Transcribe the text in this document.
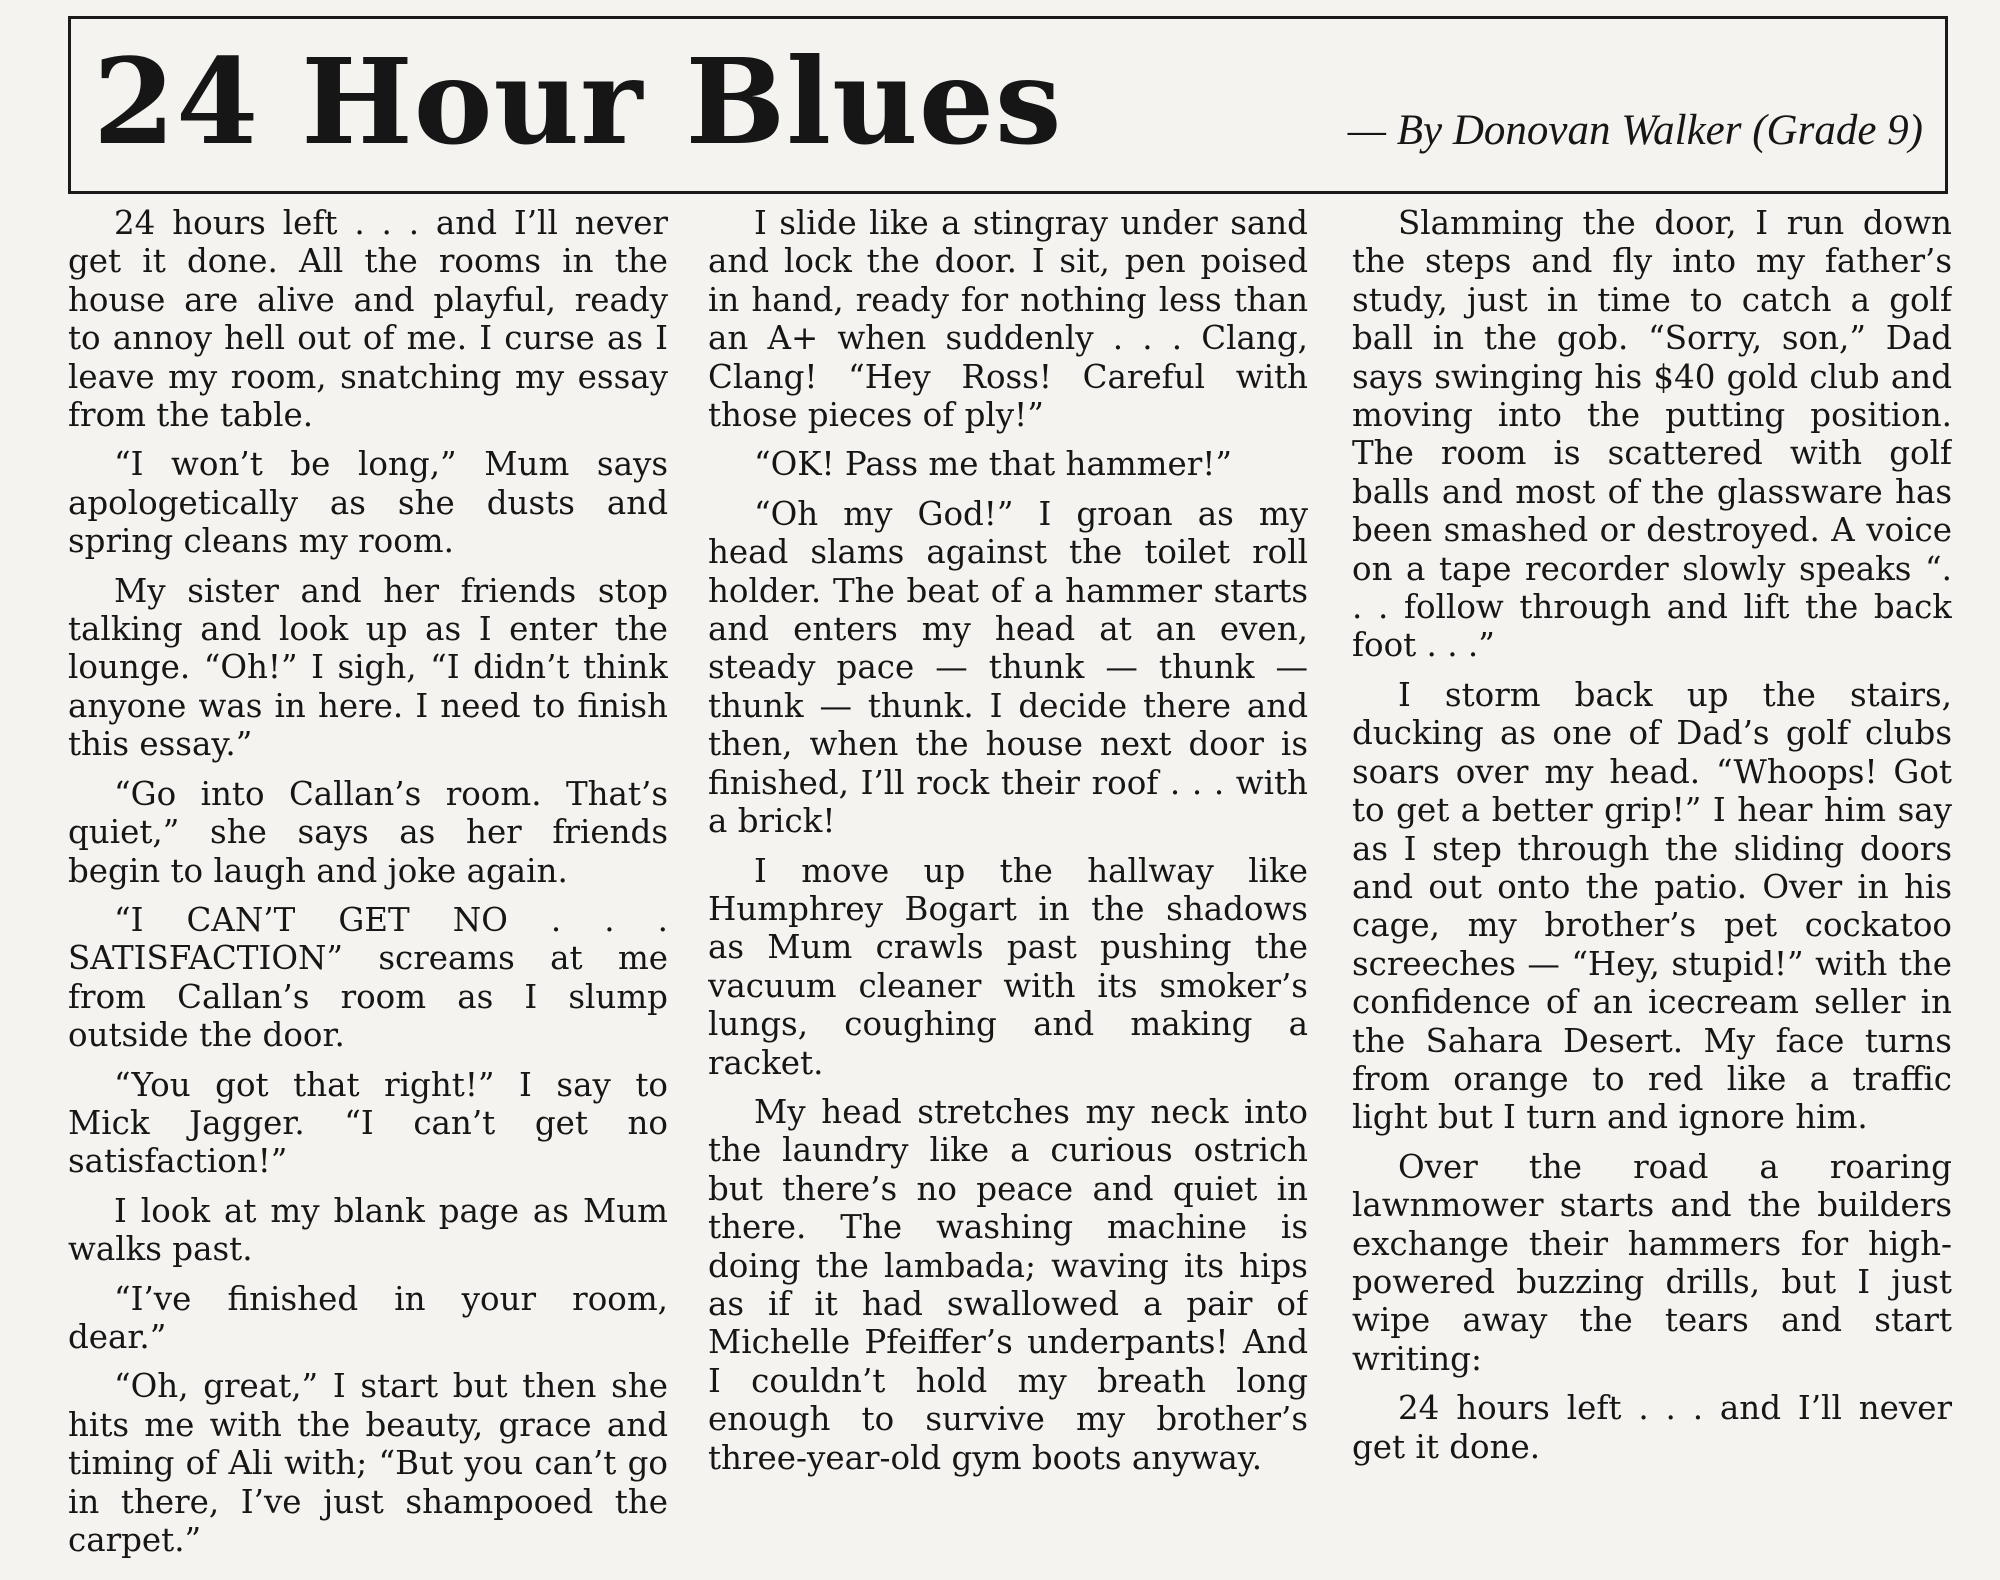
24 Hour Blues	— By Donovan Walker (Grade 9)

24 hours left . . . and I’ll never get it done. All the rooms in the house are alive and playful, ready to annoy hell out of me. I curse as I leave my room, snatching my essay from the table.

“I won’t be long,” Mum says apologetically as she dusts and spring cleans my room.

My sister and her friends stop talking and look up as I enter the lounge. “Oh!” I sigh, “I didn’t think anyone was in here. I need to finish this essay.”

“Go into Callan’s room. That’s quiet,” she says as her friends begin to laugh and joke again.

“I CAN’T GET NO . . . SATISFACTION” screams at me from Callan’s room as I slump outside the door.

“You got that right!” I say to Mick Jagger. “I can’t get no satisfaction!”

I look at my blank page as Mum walks past.

“I’ve finished in your room, dear.”

“Oh, great,” I start but then she hits me with the beauty, grace and timing of Ali with; “But you can’t go in there, I’ve just shampooed the carpet.”

I slide like a stingray under sand and lock the door. I sit, pen poised in hand, ready for nothing less than an A+ when suddenly . . . Clang, Clang! “Hey Ross! Careful with those pieces of ply!”

“OK! Pass me that hammer!”

“Oh my God!” I groan as my head slams against the toilet roll holder. The beat of a hammer starts and enters my head at an even, steady pace — thunk — thunk — thunk — thunk. I decide there and then, when the house next door is finished, I’ll rock their roof . . . with a brick!

I move up the hallway like Humphrey Bogart in the shadows as Mum crawls past pushing the vacuum cleaner with its smoker’s lungs, coughing and making a racket.

My head stretches my neck into the laundry like a curious ostrich but there’s no peace and quiet in there. The washing machine is doing the lambada; waving its hips as if it had swallowed a pair of Michelle Pfeiffer’s underpants! And I couldn’t hold my breath long enough to survive my brother’s three-year-old gym boots anyway.

Slamming the door, I run down the steps and fly into my father’s study, just in time to catch a golf ball in the gob. “Sorry, son,” Dad says swinging his $40 gold club and moving into the putting position. The room is scattered with golf balls and most of the glassware has been smashed or destroyed. A voice on a tape recorder slowly speaks “. . . follow through and lift the back foot . . .”

I storm back up the stairs, ducking as one of Dad’s golf clubs soars over my head. “Whoops! Got to get a better grip!” I hear him say as I step through the sliding doors and out onto the patio. Over in his cage, my brother’s pet cockatoo screeches — “Hey, stupid!” with the confidence of an icecream seller in the Sahara Desert. My face turns from orange to red like a traffic light but I turn and ignore him.

Over the road a roaring lawnmower starts and the builders exchange their hammers for high-powered buzzing drills, but I just wipe away the tears and start writing:

24 hours left . . . and I’ll never get it done.
